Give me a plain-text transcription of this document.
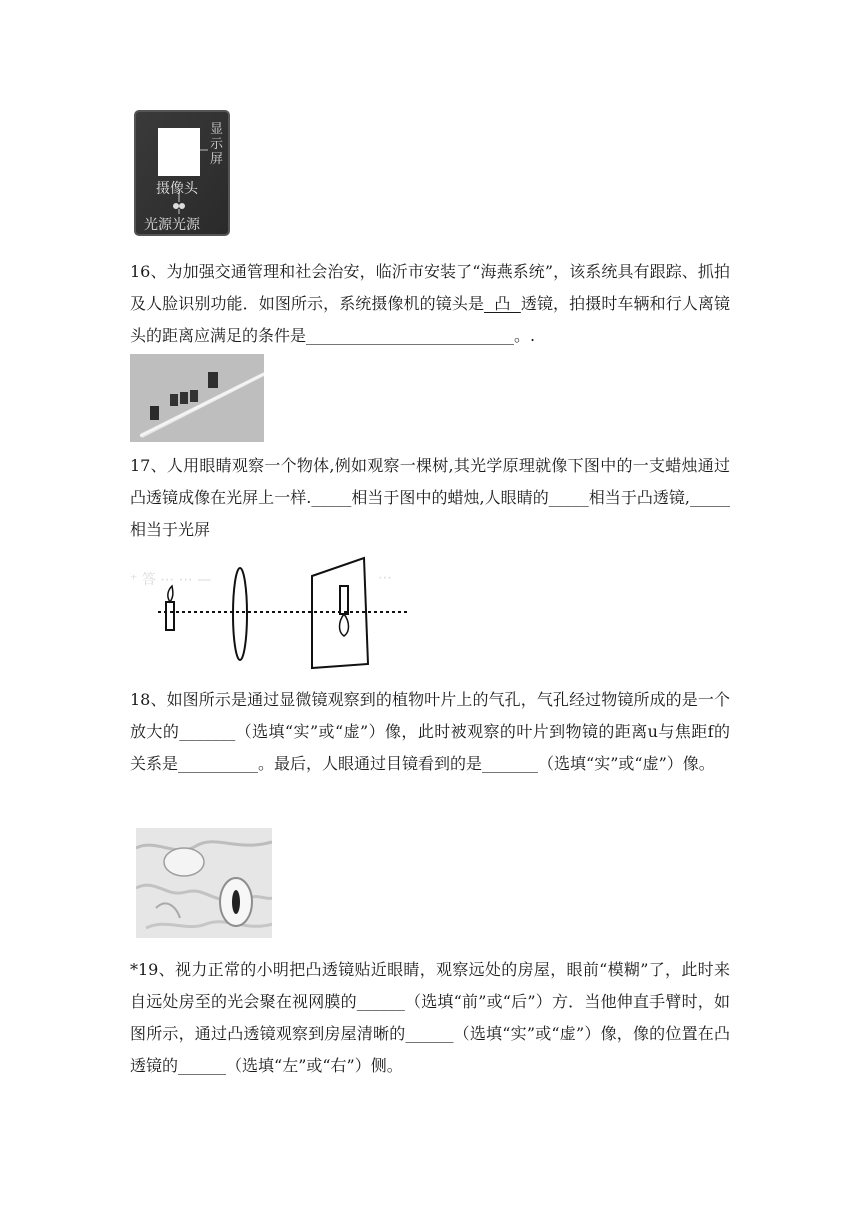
显示屏
摄像头
光源光源

16、为加强交通管理和社会治安，临沂市安装了“海燕系统”，该系统具有跟踪、抓拍及人脸识别功能．如图所示，系统摄像机的镜头是  凸  透镜，拍摄时车辆和行人离镜头的距离应满足的条件是__________________________。.

17、人用眼睛观察一个物体,例如观察一棵树,其光学原理就像下图中的一支蜡烛通过凸透镜成像在光屏上一样._____相当于图中的蜡烛,人眼睛的_____相当于凸透镜,_____相当于光屏

⁺ 答 ⋯ ⋯ —	⋯

18、如图所示是通过显微镜观察到的植物叶片上的气孔，气孔经过物镜所成的是一个放大的_______（选填“实”或“虚”）像，此时被观察的叶片到物镜的距离u与焦距f的关系是__________。最后，人眼通过目镜看到的是_______（选填“实”或“虚”）像。

*19、视力正常的小明把凸透镜贴近眼睛，观察远处的房屋，眼前“模糊”了，此时来自远处房至的光会聚在视网膜的______（选填“前”或“后”）方．当他伸直手臂时，如图所示，通过凸透镜观察到房屋清晰的______（选填“实”或“虚”）像，像的位置在凸透镜的______（选填“左”或“右”）侧。
